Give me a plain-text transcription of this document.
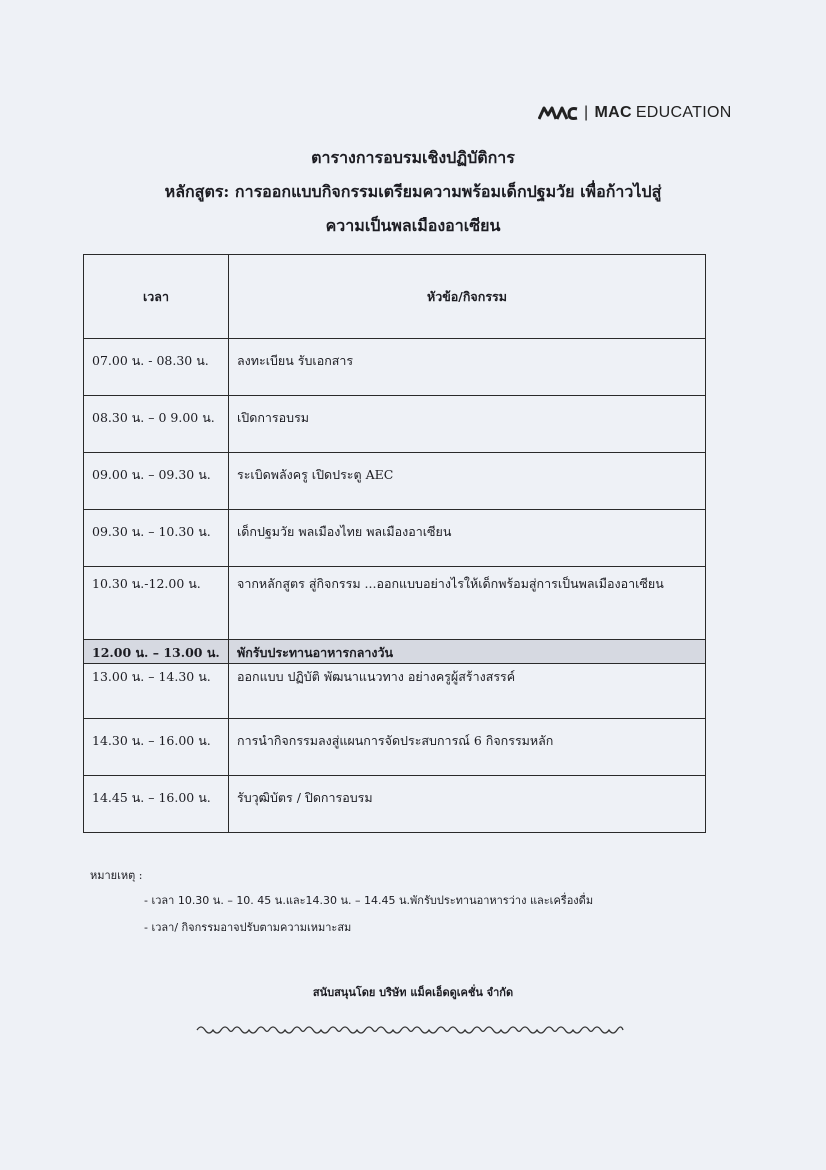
| MAC EDUCATION
ตารางการอบรมเชิงปฏิบัติการ
หลักสูตร: การออกแบบกิจกรรมเตรียมความพร้อมเด็กปฐมวัย เพื่อก้าวไปสู่
ความเป็นพลเมืองอาเซียน
เวลา	หัวข้อ/กิจกรรม
07.00 น. - 08.30 น.	ลงทะเบียน รับเอกสาร
08.30 น. – 0 9.00 น.	เปิดการอบรม
09.00 น. – 09.30 น.	ระเบิดพลังครู เปิดประตู AEC
09.30 น. – 10.30 น.	เด็กปฐมวัย พลเมืองไทย พลเมืองอาเซียน
10.30 น.-12.00 น.	จากหลักสูตร สู่กิจกรรม ...ออกแบบอย่างไรให้เด็กพร้อมสู่การเป็นพลเมืองอาเซียน
12.00 น. – 13.00 น.	พักรับประทานอาหารกลางวัน
13.00 น. – 14.30 น.	ออกแบบ ปฏิบัติ พัฒนาแนวทาง อย่างครูผู้สร้างสรรค์
14.30 น. – 16.00 น.	การนำกิจกรรมลงสู่แผนการจัดประสบการณ์ 6 กิจกรรมหลัก
14.45 น. – 16.00 น.	รับวุฒิบัตร / ปิดการอบรม
หมายเหตุ :
- เวลา 10.30 น. – 10. 45 น.และ14.30 น. – 14.45 น.พักรับประทานอาหารว่าง และเครื่องดื่ม
- เวลา/ กิจกรรมอาจปรับตามความเหมาะสม
สนับสนุนโดย บริษัท แม็คเอ็ดดูเคชั่น จำกัด
